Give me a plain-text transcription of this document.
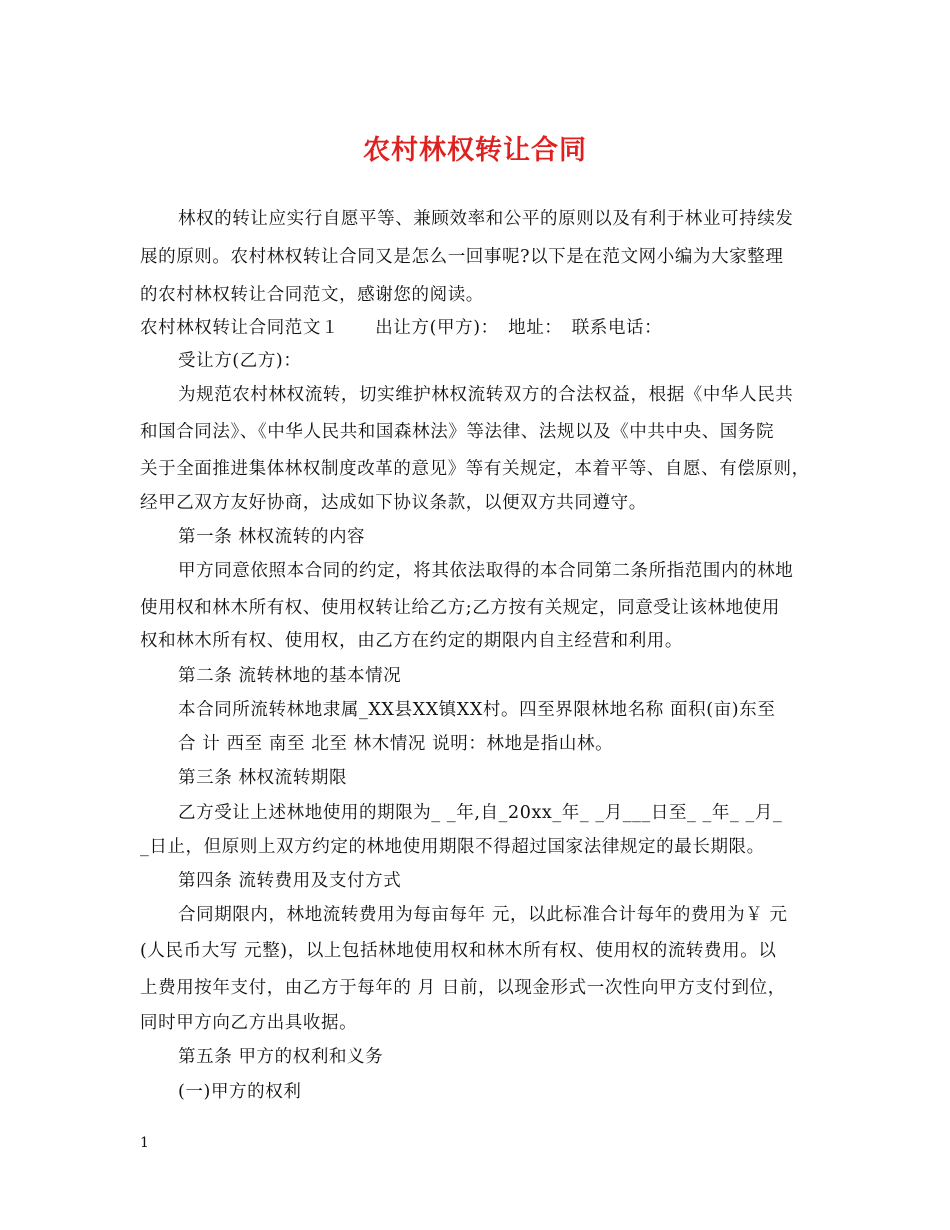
农村林权转让合同
林权的转让应实行自愿平等、兼顾效率和公平的原则以及有利于林业可持续发
展的原则。农村林权转让合同又是怎么一回事呢?以下是在范文网小编为大家整理
的农村林权转让合同范文，感谢您的阅读。
农村林权转让合同范文１　　出让方(甲方)：　地址：　联系电话：
受让方(乙方)：
为规范农村林权流转，切实维护林权流转双方的合法权益，根据《中华人民共
和国合同法》、《中华人民共和国森林法》等法律、法规以及《中共中央、国务院
关于全面推进集体林权制度改革的意见》等有关规定，本着平等、自愿、有偿原则，
经甲乙双方友好协商，达成如下协议条款，以便双方共同遵守。
第一条 林权流转的内容
甲方同意依照本合同的约定，将其依法取得的本合同第二条所指范围内的林地
使用权和林木所有权、使用权转让给乙方;乙方按有关规定，同意受让该林地使用
权和林木所有权、使用权，由乙方在约定的期限内自主经营和利用。
第二条 流转林地的基本情况
本合同所流转林地隶属_XX县XX镇XX村。四至界限林地名称 面积(亩)东至
合 计 西至 南至 北至 林木情况 说明：林地是指山林。
第三条 林权流转期限
乙方受让上述林地使用的期限为_ _年,自_20xx_年_ _月___日至_ _年_ _月_
_日止，但原则上双方约定的林地使用期限不得超过国家法律规定的最长期限。
第四条 流转费用及支付方式
合同期限内，林地流转费用为每亩每年 元，以此标准合计每年的费用为￥ 元
(人民币大写 元整)，以上包括林地使用权和林木所有权、使用权的流转费用。以
上费用按年支付，由乙方于每年的 月 日前，以现金形式一次性向甲方支付到位，
同时甲方向乙方出具收据。
第五条 甲方的权利和义务
(一)甲方的权利
1
